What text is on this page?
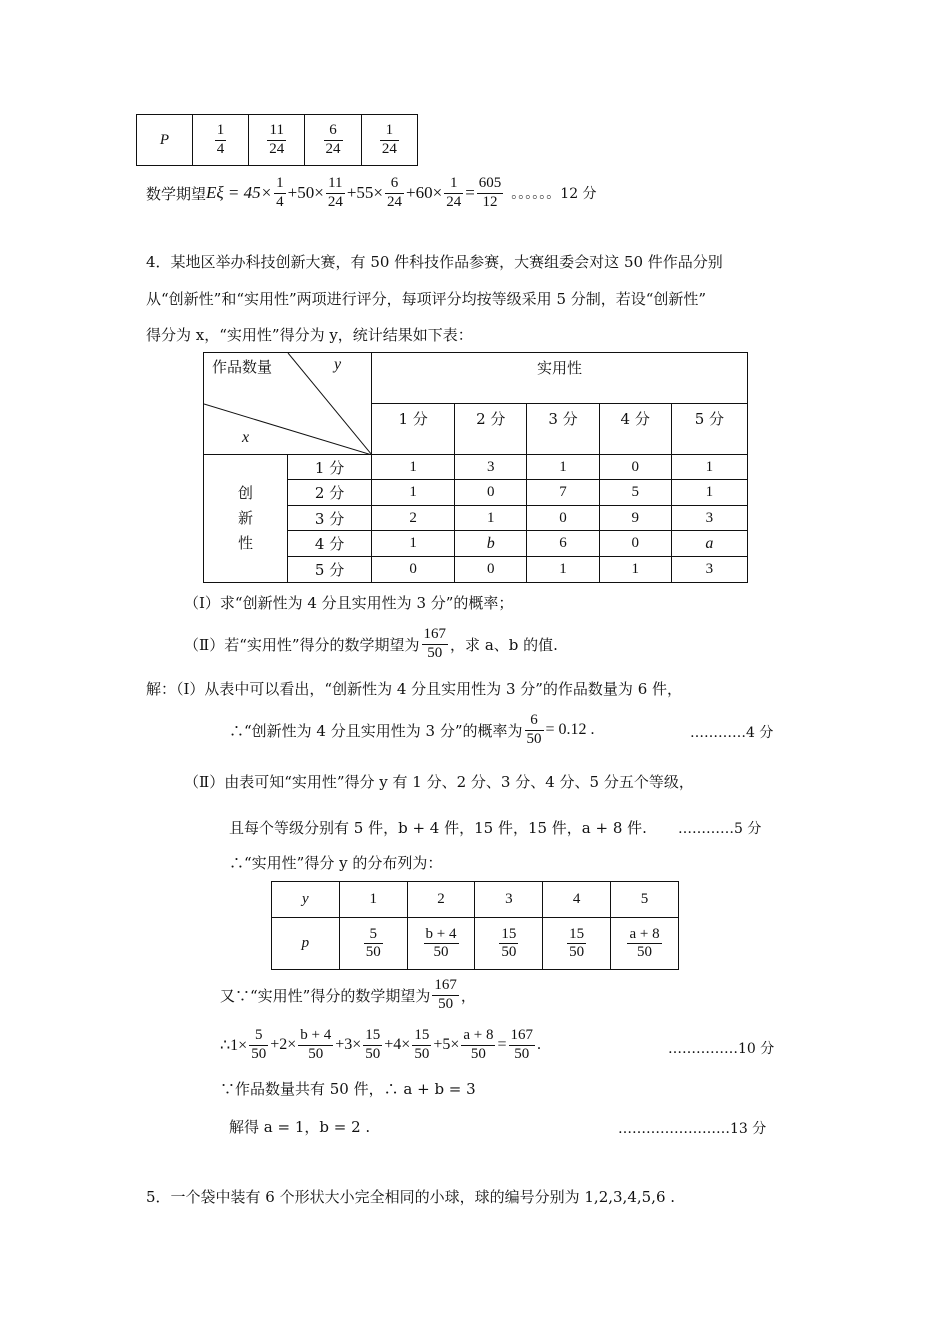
P	$\frac{1}{4}$	$\frac{11}{24}$	$\frac{6}{24}$	$\frac{1}{24}$
数学期望 $E\xi = 45\times \frac{1}{4} +50\times \frac{11}{24} +55\times \frac{6}{24} +60\times \frac{1}{24} = \frac{605}{12}$ 。。。。。。12 分
4．某地区举办科技创新大赛，有 50 件科技作品参赛，大赛组委会对这 50 件作品分别
从“创新性”和“实用性”两项进行评分，每项评分均按等级采用 5 分制，若设“创新性”
得分为 x，“实用性”得分为 y，统计结果如下表：
作品数量 y
x		实用性				
		1 分	2 分	3 分	4 分	5 分

创
新
性	1 分	1	3	1	0	1
	2 分	1	0	7	5	1
	3 分	2	1	0	9	3
	4 分	1	b	6	0	a
	5 分	0	0	1	1	3
（Ⅰ）求“创新性为 4 分且实用性为 3 分”的概率；
（Ⅱ）若“实用性”得分的数学期望为 $\frac{167}{50}$ ，求 a、b 的值.
解：（Ⅰ）从表中可以看出，“创新性为 4 分且实用性为 3 分”的作品数量为 6 件，
∴“创新性为 4 分且实用性为 3 分”的概率为 $\frac{6}{50} = 0.12$ .	…………4 分
（Ⅱ）由表可知“实用性”得分 y 有 1 分、2 分、3 分、4 分、5 分五个等级，
且每个等级分别有 5 件，b + 4 件，15 件，15 件，a + 8 件. …………5 分
∴“实用性”得分 y 的分布列为：
y	1	2	3	4	5
p	$\frac{5}{50}$	$\frac{b + 4}{50}$	$\frac{15}{50}$	$\frac{15}{50}$	$\frac{a + 8}{50}$
又∵“实用性”得分的数学期望为 $\frac{167}{50}$ ，
∴1× $\frac{5}{50} +2\times \frac{b + 4}{50} +3\times \frac{15}{50} +4\times \frac{15}{50} +5\times \frac{a + 8}{50} = \frac{167}{50}$ .	……………10 分
∵作品数量共有 50 件，∴ a + b = 3
解得 a = 1，b = 2 .	……………………13 分
5．一个袋中装有 6 个形状大小完全相同的小球，球的编号分别为 1,2,3,4,5,6 .
